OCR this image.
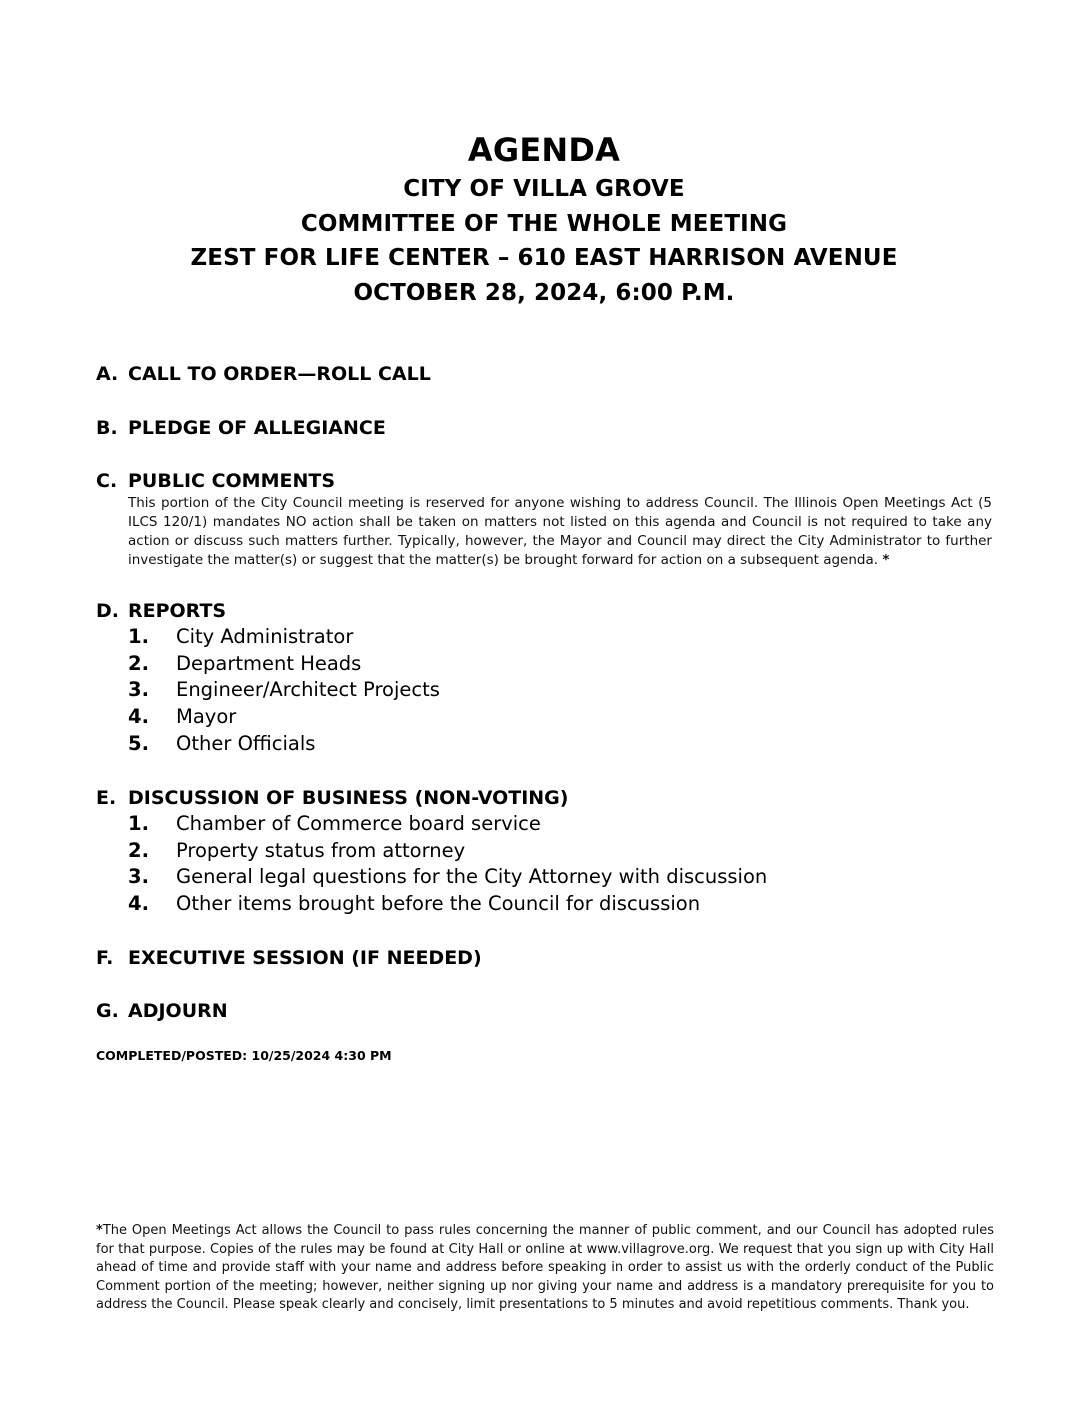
AGENDA
CITY OF VILLA GROVE
COMMITTEE OF THE WHOLE MEETING
ZEST FOR LIFE CENTER – 610 EAST HARRISON AVENUE
OCTOBER 28, 2024, 6:00 P.M.
A. CALL TO ORDER—ROLL CALL
B. PLEDGE OF ALLEGIANCE
C. PUBLIC COMMENTS

This portion of the City Council meeting is reserved for anyone wishing to address Council. The Illinois Open Meetings Act (5 ILCS 120/1) mandates NO action shall be taken on matters not listed on this agenda and Council is not required to take any action or discuss such matters further. Typically, however, the Mayor and Council may direct the City Administrator to further investigate the matter(s) or suggest that the matter(s) be brought forward for action on a subsequent agenda. *

D. REPORTS
1. City Administrator
2. Department Heads
3. Engineer/Architect Projects
4. Mayor
5. Other Officials
E. DISCUSSION OF BUSINESS (NON-VOTING)
1. Chamber of Commerce board service
2. Property status from attorney
3. General legal questions for the City Attorney with discussion
4. Other items brought before the Council for discussion
F. EXECUTIVE SESSION (IF NEEDED)
G. ADJOURN
COMPLETED/POSTED: 10/25/2024 4:30 PM
*The Open Meetings Act allows the Council to pass rules concerning the manner of public comment, and our Council has adopted rules for that purpose. Copies of the rules may be found at City Hall or online at www.villagrove.org. We request that you sign up with City Hall ahead of time and provide staff with your name and address before speaking in order to assist us with the orderly conduct of the Public Comment portion of the meeting; however, neither signing up nor giving your name and address is a mandatory prerequisite for you to address the Council. Please speak clearly and concisely, limit presentations to 5 minutes and avoid repetitious comments. Thank you.
